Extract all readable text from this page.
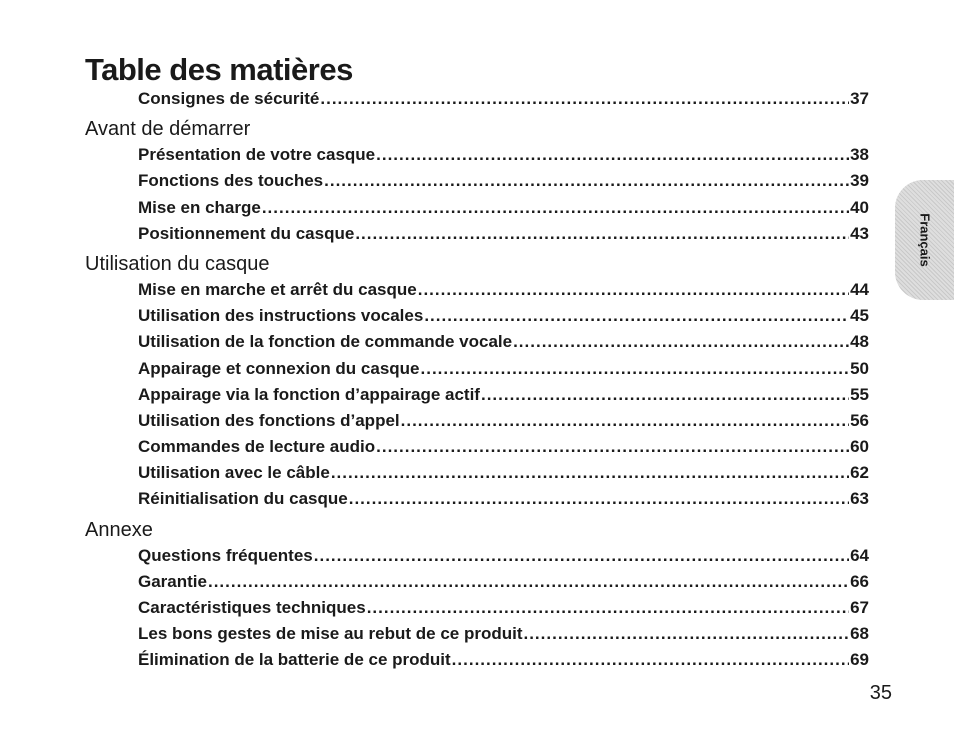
Table des matières
Consignes de sécurité .....	37
Avant de démarrer
Présentation de votre casque .....	38
Fonctions des touches .....	39
Mise en charge .....	40
Positionnement du casque .....	43
Utilisation du casque
Mise en marche et arrêt du casque .....	44
Utilisation des instructions vocales .....	45
Utilisation de la fonction de commande vocale .....	48
Appairage et connexion du casque .....	50
Appairage via la fonction d’appairage actif .....	55
Utilisation des fonctions d’appel .....	56
Commandes de lecture audio .....	60
Utilisation avec le câble .....	62
Réinitialisation du casque .....	63
Annexe
Questions fréquentes .....	64
Garantie .....	66
Caractéristiques techniques .....	67
Les bons gestes de mise au rebut de ce produit .....	68
Élimination de la batterie de ce produit .....	69
Français
35
